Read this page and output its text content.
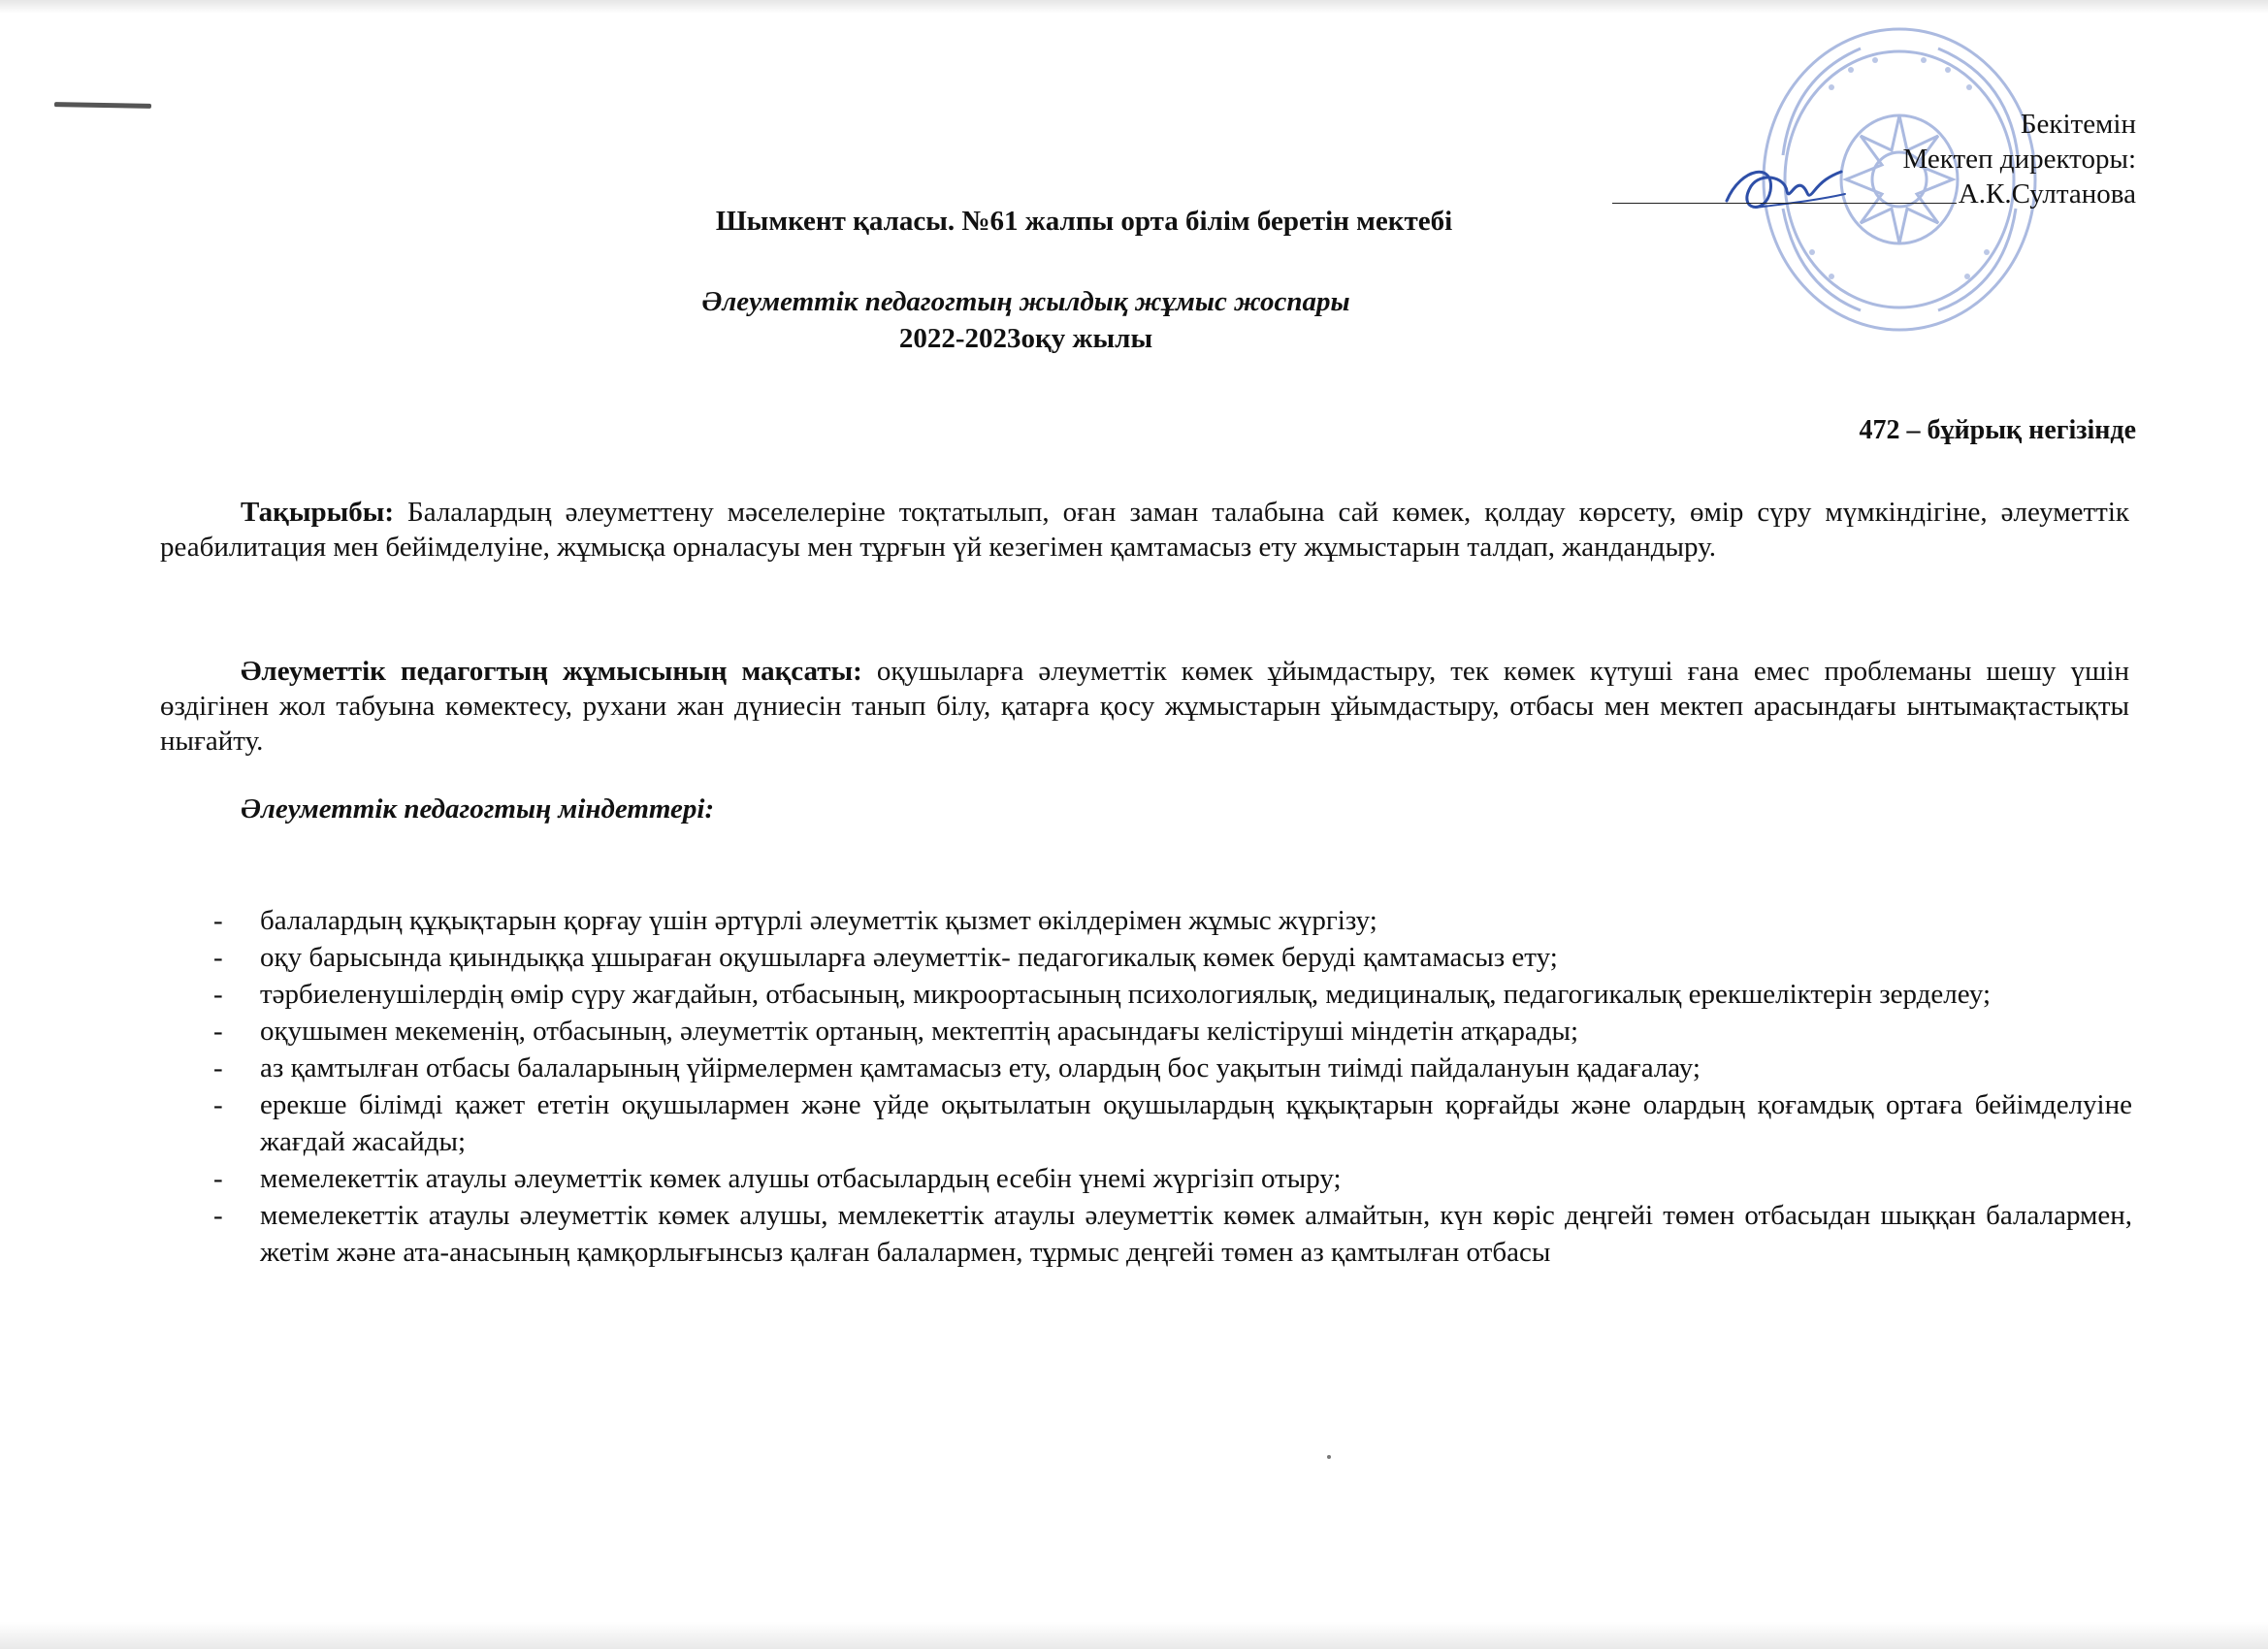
Бекітемін
Мектеп директоры:
А.К.Султанова
Шымкент қаласы. №61 жалпы орта білім беретін мектебі
Әлеуметтік педагогтың жылдық жұмыс жоспары
2022-2023оқу жылы
472 – бұйрық негізінде

Тақырыбы: Балалардың әлеуметтену мәселелеріне тоқтатылып, оған заман талабына сай көмек, қолдау көрсету, өмір сүру мүмкіндігіне, әлеуметтік реабилитация мен бейімделуіне, жұмысқа орналасуы мен тұрғын үй кезегімен қамтамасыз ету жұмыстарын талдап, жандандыру.

Әлеуметтік педагогтың жұмысының мақсаты: оқушыларға әлеуметтік көмек ұйымдастыру, тек көмек күтуші ғана емес проблеманы шешу үшін өздігінен жол табуына көмектесу, рухани жан дүниесін танып білу, қатарға қосу жұмыстарын ұйымдастыру, отбасы мен мектеп арасындағы ынтымақтастықты нығайту.

Әлеуметтік педагогтың міндеттері:
- балалардың құқықтарын қорғау үшін әртүрлі әлеуметтік қызмет өкілдерімен жұмыс жүргізу;
- оқу барысында қиындыққа ұшыраған оқушыларға әлеуметтік- педагогикалық көмек беруді қамтамасыз ету;
- тәрбиеленушілердің өмір сүру жағдайын, отбасының, микроортасының психологиялық, медициналық, педагогикалық ерекшеліктерін зерделеу;
- оқушымен мекеменің, отбасының, әлеуметтік ортаның, мектептің арасындағы келістіруші міндетін атқарады;
- аз қамтылған отбасы балаларының үйірмелермен қамтамасыз ету, олардың бос уақытын тиімді пайдалануын қадағалау;
- ерекше білімді қажет ететін оқушылармен және үйде оқытылатын оқушылардың құқықтарын қорғайды және олардың қоғамдық ортаға бейімделуіне жағдай жасайды;
- мемелекеттік атаулы әлеуметтік көмек алушы отбасылардың есебін үнемі жүргізіп отыру;
- мемелекеттік атаулы әлеуметтік көмек алушы, мемлекеттік атаулы әлеуметтік көмек алмайтын, күн көріс деңгейі төмен отбасыдан шыққан балалармен, жетім және ата-анасының қамқорлығынсыз қалған балалармен, тұрмыс деңгейі төмен аз қамтылған отбасы
